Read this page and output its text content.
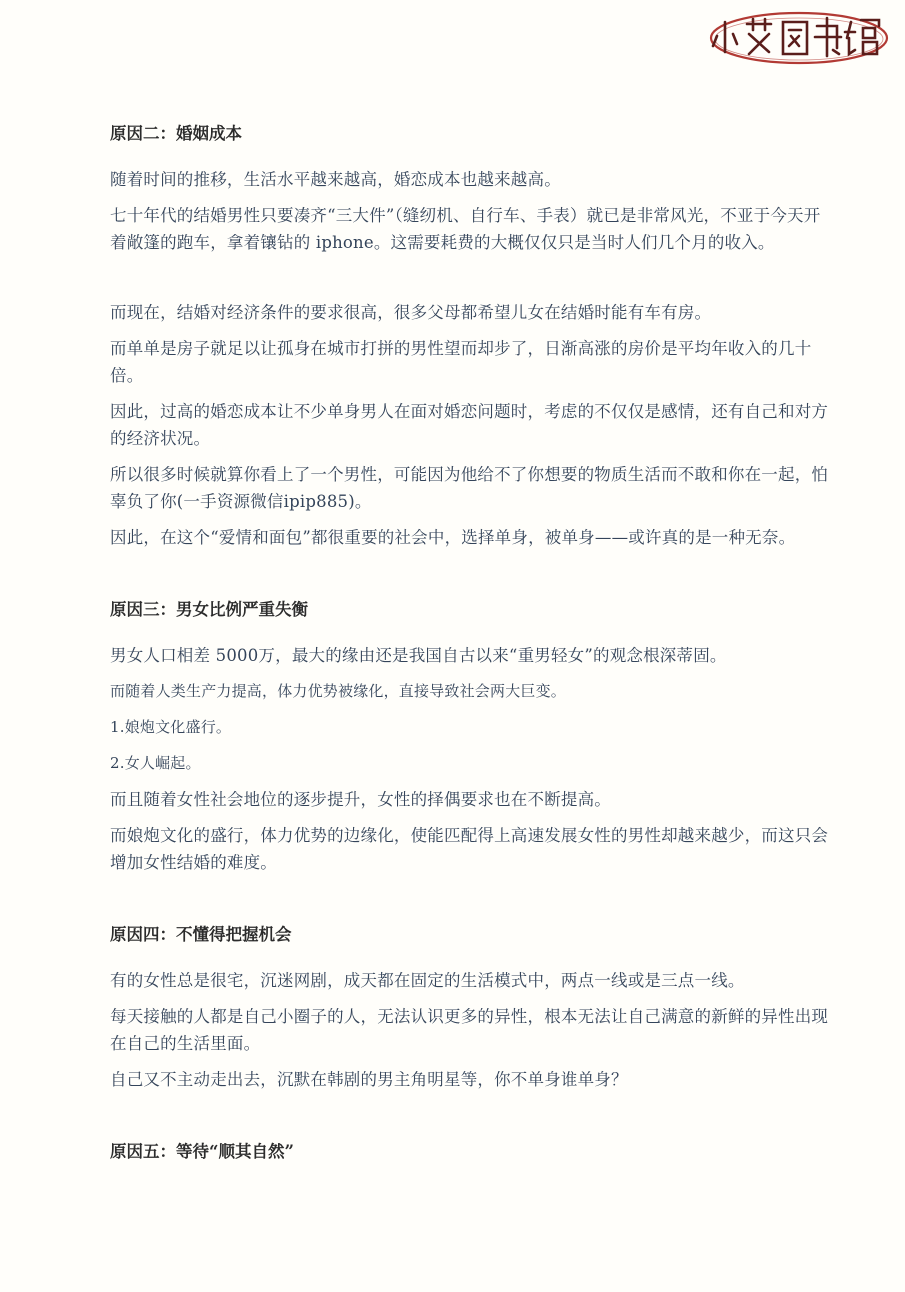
原因二：婚姻成本

随着时间的推移，生活水平越来越高，婚恋成本也越来越高。

七十年代的结婚男性只要凑齐“三大件”（缝纫机、自行车、手表）就已是非常风光，不亚于今天开着敞篷的跑车，拿着镶钻的 iphone。这需要耗费的大概仅仅只是当时人们几个月的收入。

而现在，结婚对经济条件的要求很高，很多父母都希望儿女在结婚时能有车有房。

而单单是房子就足以让孤身在城市打拼的男性望而却步了，日渐高涨的房价是平均年收入的几十倍。

因此，过高的婚恋成本让不少单身男人在面对婚恋问题时，考虑的不仅仅是感情，还有自己和对方的经济状况。

所以很多时候就算你看上了一个男性，可能因为他给不了你想要的物质生活而不敢和你在一起，怕辜负了你(一手资源微信ipip885)。

因此，在这个“爱情和面包”都很重要的社会中，选择单身，被单身——或许真的是一种无奈。

原因三：男女比例严重失衡

男女人口相差 5000万，最大的缘由还是我国自古以来“重男轻女”的观念根深蒂固。

而随着人类生产力提高，体力优势被缘化，直接导致社会两大巨变。

1.娘炮文化盛行。

2.女人崛起。

而且随着女性社会地位的逐步提升，女性的择偶要求也在不断提高。

而娘炮文化的盛行，体力优势的边缘化，使能匹配得上高速发展女性的男性却越来越少，而这只会增加女性结婚的难度。

原因四：不懂得把握机会

有的女性总是很宅，沉迷网剧，成天都在固定的生活模式中，两点一线或是三点一线。

每天接触的人都是自己小圈子的人，无法认识更多的异性，根本无法让自己满意的新鲜的异性出现在自己的生活里面。

自己又不主动走出去，沉默在韩剧的男主角明星等，你不单身谁单身？

原因五：等待“顺其自然”
